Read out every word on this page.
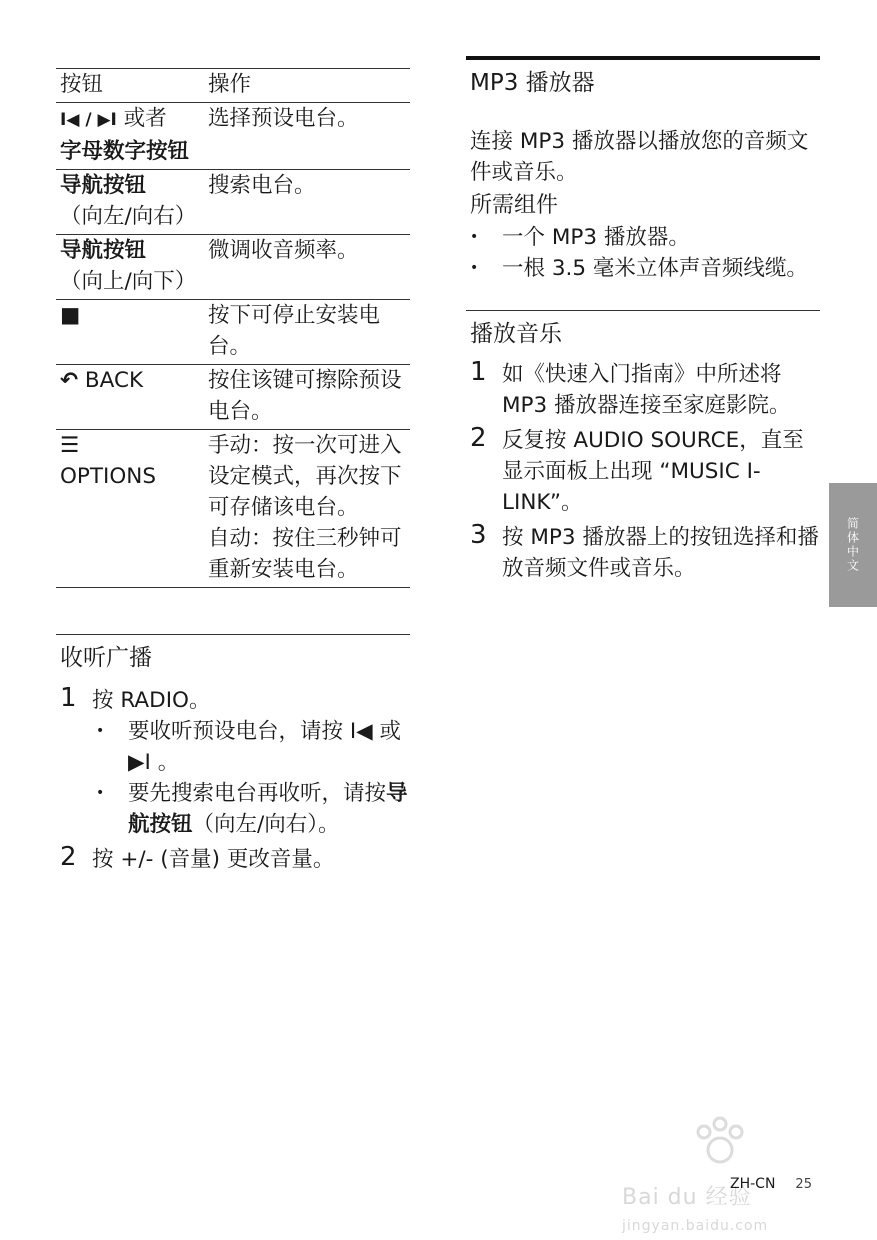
按钮	操作
I◀ / ▶I 或者
字母数字按钮	选择预设电台。
导航按钮
（向左/向右）	搜索电台。
导航按钮
（向上/向下）	微调收音频率。
■	按下可停止安装电台。
↶ BACK	按住该键可擦除预设电台。
☰
OPTIONS	手动：按一次可进入设定模式，再次按下可存储该电台。
自动：按住三秒钟可重新安装电台。
收听广播
1 按 RADIO。
• 要收听预设电台，请按 I◀ 或 ▶I 。
• 要先搜索电台再收听，请按导航按钮（向左/向右）。
2 按 +/- (音量) 更改音量。
MP3 播放器
连接 MP3 播放器以播放您的音频文件或音乐。
所需组件
• 一个 MP3 播放器。
• 一根 3.5 毫米立体声音频线缆。
播放音乐
1 如《快速入门指南》中所述将 MP3 播放器连接至家庭影院。
2 反复按 AUDIO SOURCE，直至显示面板上出现 “MUSIC I-LINK”。
3 按 MP3 播放器上的按钮选择和播放音频文件或音乐。	简体中文
Bai du 经验
jingyan.baidu.com
ZH-CN 25
